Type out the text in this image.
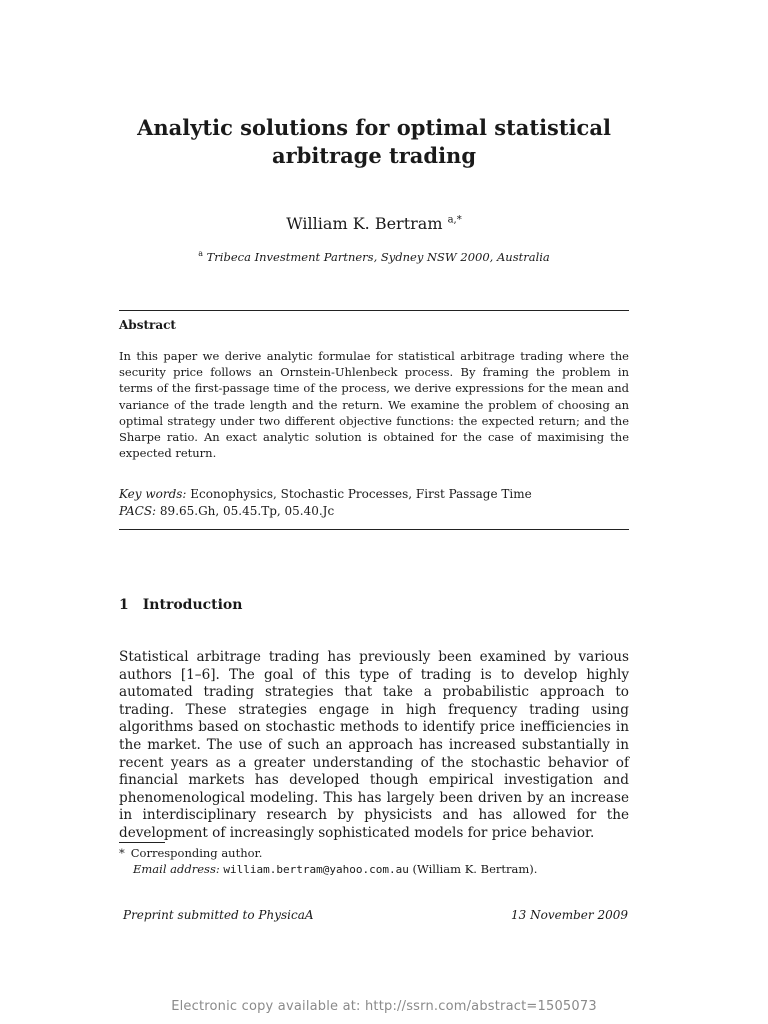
Analytic solutions for optimal statistical
arbitrage trading
William K. Bertram $^{a,*}$
$^a$ Tribeca Investment Partners, Sydney NSW 2000, Australia
Abstract
In this paper we derive analytic formulae for statistical arbitrage trading where the security price follows an Ornstein-Uhlenbeck process. By framing the problem in terms of the first-passage time of the process, we derive expressions for the mean and variance of the trade length and the return. We examine the problem of choosing an optimal strategy under two different objective functions: the expected return; and the Sharpe ratio. An exact analytic solution is obtained for the case of maximising the expected return.
Key words: Econophysics, Stochastic Processes, First Passage Time
PACS: 89.65.Gh, 05.45.Tp, 05.40.Jc
1 Introduction
Statistical arbitrage trading has previously been examined by various authors [1–6]. The goal of this type of trading is to develop highly automated trading strategies that take a probabilistic approach to trading. These strategies engage in high frequency trading using algorithms based on stochastic methods to identify price inefficiencies in the market. The use of such an approach has increased substantially in recent years as a greater understanding of the stochastic behavior of financial markets has developed though empirical investigation and phenomenological modeling. This has largely been driven by an increase in interdisciplinary research by physicists and has allowed for the development of increasingly sophisticated models for price behavior.
* Corresponding author.
Email address: william.bertram@yahoo.com.au (William K. Bertram).
Preprint submitted to PhysicaA	13 November 2009
Electronic copy available at: http://ssrn.com/abstract=1505073
